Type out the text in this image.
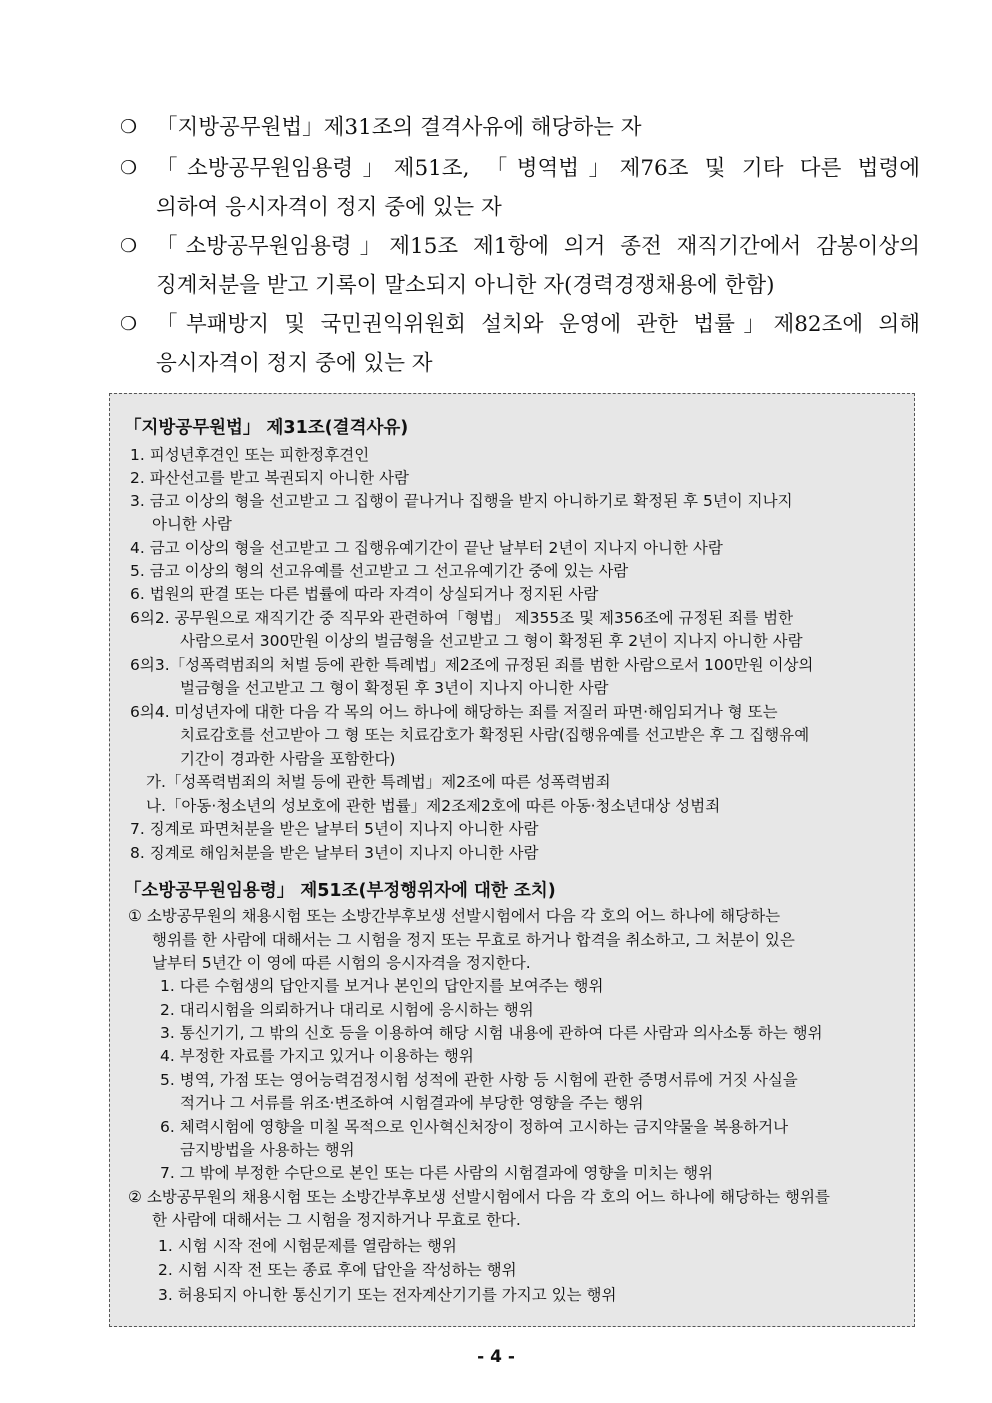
❍ 「지방공무원법」제31조의 결격사유에 해당하는 자
❍ 「소방공무원임용령」제51조, 「병역법」제76조 및 기타 다른 법령에
의하여 응시자격이 정지 중에 있는 자
❍ 「소방공무원임용령」제15조 제1항에 의거 종전 재직기간에서 감봉이상의
징계처분을 받고 기록이 말소되지 아니한 자(경력경쟁채용에 한함)
❍ 「부패방지 및 국민권익위원회 설치와 운영에 관한 법률」제82조에 의해
응시자격이 정지 중에 있는 자
「지방공무원법」 제31조(결격사유)
1. 피성년후견인 또는 피한정후견인
2. 파산선고를 받고 복권되지 아니한 사람
3. 금고 이상의 형을 선고받고 그 집행이 끝나거나 집행을 받지 아니하기로 확정된 후 5년이 지나지
아니한 사람
4. 금고 이상의 형을 선고받고 그 집행유예기간이 끝난 날부터 2년이 지나지 아니한 사람
5. 금고 이상의 형의 선고유예를 선고받고 그 선고유예기간 중에 있는 사람
6. 법원의 판결 또는 다른 법률에 따라 자격이 상실되거나 정지된 사람
6의2. 공무원으로 재직기간 중 직무와 관련하여「형법」 제355조 및 제356조에 규정된 죄를 범한
사람으로서 300만원 이상의 벌금형을 선고받고 그 형이 확정된 후 2년이 지나지 아니한 사람
6의3.「성폭력범죄의 처벌 등에 관한 특례법」제2조에 규정된 죄를 범한 사람으로서 100만원 이상의
벌금형을 선고받고 그 형이 확정된 후 3년이 지나지 아니한 사람
6의4. 미성년자에 대한 다음 각 목의 어느 하나에 해당하는 죄를 저질러 파면·해임되거나 형 또는
치료감호를 선고받아 그 형 또는 치료감호가 확정된 사람(집행유예를 선고받은 후 그 집행유예
기간이 경과한 사람을 포함한다)
가.「성폭력범죄의 처벌 등에 관한 특례법」제2조에 따른 성폭력범죄
나.「아동·청소년의 성보호에 관한 법률」제2조제2호에 따른 아동·청소년대상 성범죄
7. 징계로 파면처분을 받은 날부터 5년이 지나지 아니한 사람
8. 징계로 해임처분을 받은 날부터 3년이 지나지 아니한 사람
「소방공무원임용령」 제51조(부정행위자에 대한 조치)
① 소방공무원의 채용시험 또는 소방간부후보생 선발시험에서 다음 각 호의 어느 하나에 해당하는
행위를 한 사람에 대해서는 그 시험을 정지 또는 무효로 하거나 합격을 취소하고, 그 처분이 있은
날부터 5년간 이 영에 따른 시험의 응시자격을 정지한다.
1. 다른 수험생의 답안지를 보거나 본인의 답안지를 보여주는 행위
2. 대리시험을 의뢰하거나 대리로 시험에 응시하는 행위
3. 통신기기, 그 밖의 신호 등을 이용하여 해당 시험 내용에 관하여 다른 사람과 의사소통 하는 행위
4. 부정한 자료를 가지고 있거나 이용하는 행위
5. 병역, 가점 또는 영어능력검정시험 성적에 관한 사항 등 시험에 관한 증명서류에 거짓 사실을
적거나 그 서류를 위조·변조하여 시험결과에 부당한 영향을 주는 행위
6. 체력시험에 영향을 미칠 목적으로 인사혁신처장이 정하여 고시하는 금지약물을 복용하거나
금지방법을 사용하는 행위
7. 그 밖에 부정한 수단으로 본인 또는 다른 사람의 시험결과에 영향을 미치는 행위
② 소방공무원의 채용시험 또는 소방간부후보생 선발시험에서 다음 각 호의 어느 하나에 해당하는 행위를
한 사람에 대해서는 그 시험을 정지하거나 무효로 한다.
1. 시험 시작 전에 시험문제를 열람하는 행위
2. 시험 시작 전 또는 종료 후에 답안을 작성하는 행위
3. 허용되지 아니한 통신기기 또는 전자계산기기를 가지고 있는 행위
- 4 -
